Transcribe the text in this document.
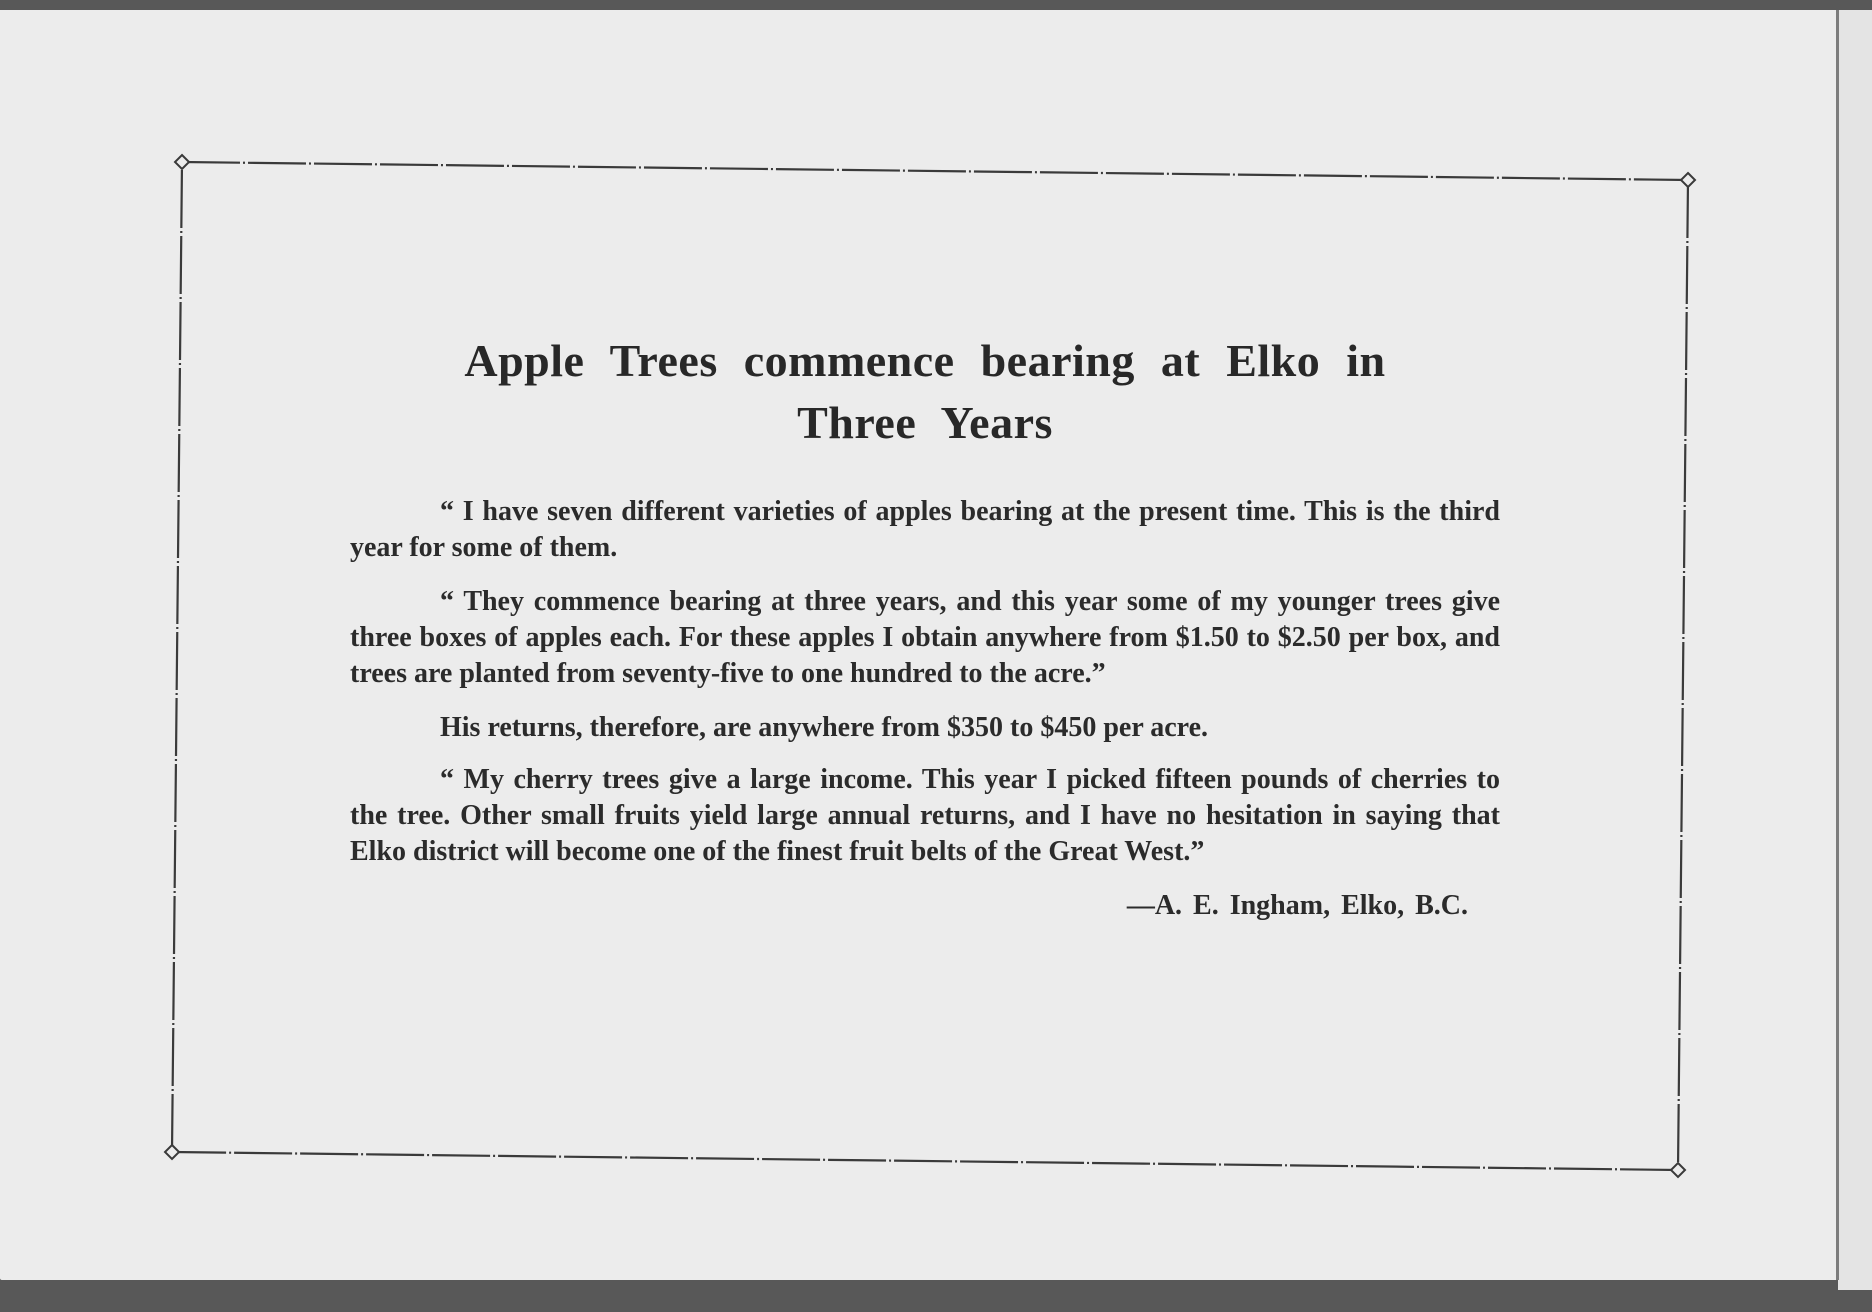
Apple Trees commence bearing at Elko in
Three Years

“ I have seven different varieties of apples bearing at the present time. This is the third year for some of them.

“ They commence bearing at three years, and this year some of my younger trees give three boxes of apples each. For these apples I obtain anywhere from $1.50 to $2.50 per box, and trees are planted from seventy-five to one hundred to the acre.”

His returns, therefore, are anywhere from $350 to $450 per acre.

“ My cherry trees give a large income. This year I picked fifteen pounds of cherries to the tree. Other small fruits yield large annual returns, and I have no hesitation in saying that Elko district will become one of the finest fruit belts of the Great West.”

—A. E. Ingham, Elko, B.C.
